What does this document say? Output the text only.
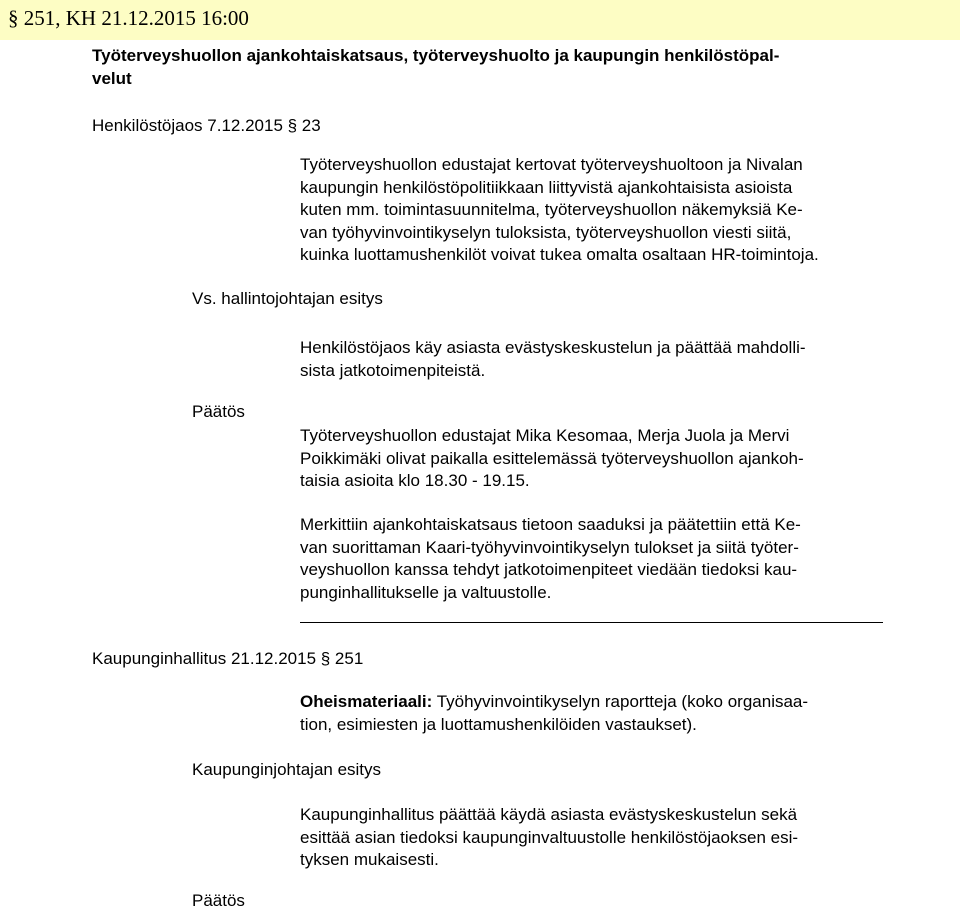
§ 251, KH 21.12.2015 16:00
Työterveyshuollon ajankohtaiskatsaus, työterveyshuolto ja kaupungin henkilöstöpal-
velut
Henkilöstöjaos 7.12.2015 § 23
Työterveyshuollon edustajat kertovat työterveyshuoltoon ja Nivalan
kaupungin henkilöstöpolitiikkaan liittyvistä ajankohtaisista asioista
kuten mm. toimintasuunnitelma, työterveyshuollon näkemyksiä Ke-
van työhyvinvointikyselyn tuloksista, työterveyshuollon viesti siitä,
kuinka luottamushenkilöt voivat tukea omalta osaltaan HR-toimintoja.
Vs. hallintojohtajan esitys
Henkilöstöjaos käy asiasta evästyskeskustelun ja päättää mahdolli-
sista jatkotoimenpiteistä.
Päätös
Työterveyshuollon edustajat Mika Kesomaa, Merja Juola ja Mervi
Poikkimäki olivat paikalla esittelemässä työterveyshuollon ajankoh-
taisia asioita klo 18.30 - 19.15.
Merkittiin ajankohtaiskatsaus tietoon saaduksi ja päätettiin että Ke-
van suorittaman Kaari-työhyvinvointikyselyn tulokset ja siitä työter-
veyshuollon kanssa tehdyt jatkotoimenpiteet viedään tiedoksi kau-
punginhallitukselle ja valtuustolle.
Kaupunginhallitus 21.12.2015 § 251
Oheismateriaali: Työhyvinvointikyselyn raportteja (koko organisaa-
tion, esimiesten ja luottamushenkilöiden vastaukset).
Kaupunginjohtajan esitys
Kaupunginhallitus päättää käydä asiasta evästyskeskustelun sekä
esittää asian tiedoksi kaupunginvaltuustolle henkilöstöjaoksen esi-
tyksen mukaisesti.
Päätös
